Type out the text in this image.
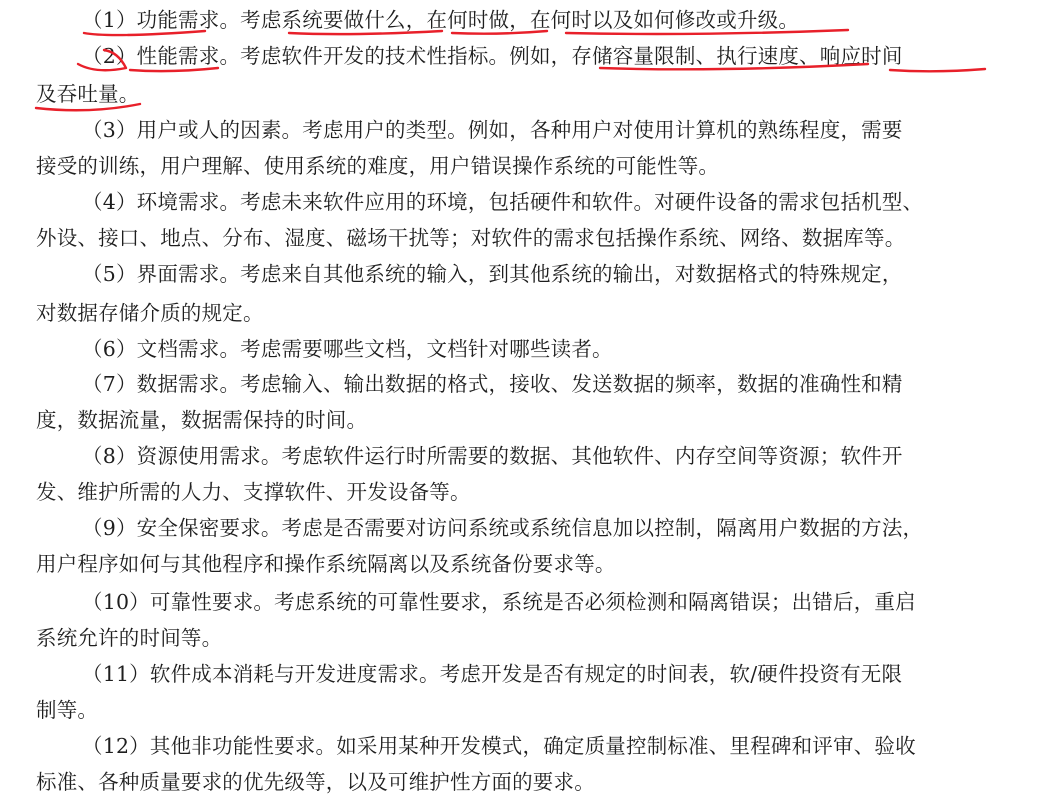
（1）功能需求。考虑系统要做什么，在何时做，在何时以及如何修改或升级。
（2）性能需求。考虑软件开发的技术性指标。例如，存储容量限制、执行速度、响应时间
及吞吐量。
（3）用户或人的因素。考虑用户的类型。例如，各种用户对使用计算机的熟练程度，需要
接受的训练，用户理解、使用系统的难度，用户错误操作系统的可能性等。
（4）环境需求。考虑未来软件应用的环境，包括硬件和软件。对硬件设备的需求包括机型、
外设、接口、地点、分布、湿度、磁场干扰等；对软件的需求包括操作系统、网络、数据库等。
（5）界面需求。考虑来自其他系统的输入，到其他系统的输出，对数据格式的特殊规定，
对数据存储介质的规定。
（6）文档需求。考虑需要哪些文档，文档针对哪些读者。
（7）数据需求。考虑输入、输出数据的格式，接收、发送数据的频率，数据的准确性和精
度，数据流量，数据需保持的时间。
（8）资源使用需求。考虑软件运行时所需要的数据、其他软件、内存空间等资源；软件开
发、维护所需的人力、支撑软件、开发设备等。
（9）安全保密要求。考虑是否需要对访问系统或系统信息加以控制，隔离用户数据的方法，
用户程序如何与其他程序和操作系统隔离以及系统备份要求等。
（10）可靠性要求。考虑系统的可靠性要求，系统是否必须检测和隔离错误；出错后，重启
系统允许的时间等。
（11）软件成本消耗与开发进度需求。考虑开发是否有规定的时间表，软/硬件投资有无限
制等。
（12）其他非功能性要求。如采用某种开发模式，确定质量控制标准、里程碑和评审、验收
标准、各种质量要求的优先级等，以及可维护性方面的要求。
